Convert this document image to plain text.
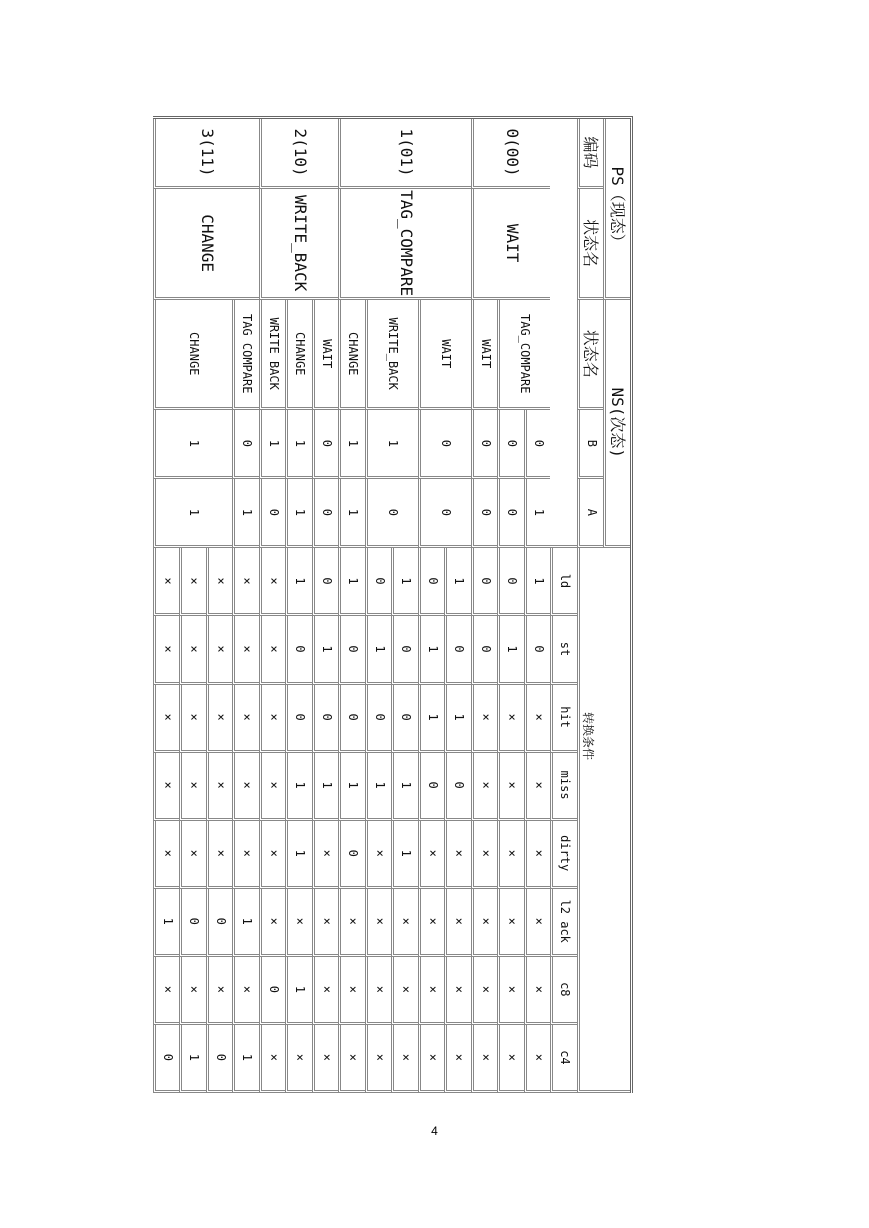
PS（现态）		NS(次态)			转换条件							
编码	状态名	状态名	B	A								
					ld	st	hit	miss	dirty	l2 ack	c8	c4
0(00)	WAIT	TAG_COMPARE	0	1	1	0	×	×	×	×	×	×
			0	0	0	1	×	×	×	×	×	×
		WAIT	0	0	0	0	×	×	×	×	×	×
1(01)	TAG_COMPARE	WAIT	0	0	1	0	1	0	×	×	×	×
					0	1	1	0	×	×	×	×
		WRITE_BACK	1	0	1	0	0	1	1	×	×	×
					0	1	0	1	×	×	×	×
		CHANGE	1	1	1	0	0	1	0	×	×	×
2(10)	WRITE_BACK	WAIT	0	0	0	1	0	1	×	×	×	×
		CHANGE	1	1	1	0	0	1	1	×	1	×
		WRITE BACK	1	0	×	×	×	×	×	×	0	×
3(11)	CHANGE	TAG COMPARE	0	1	×	×	×	×	×	1	×	1
		CHANGE	1	1	×	×	×	×	×	0	×	0
					×	×	×	×	×	0	×	1
					×	×	×	×	×	1	×	0
4
